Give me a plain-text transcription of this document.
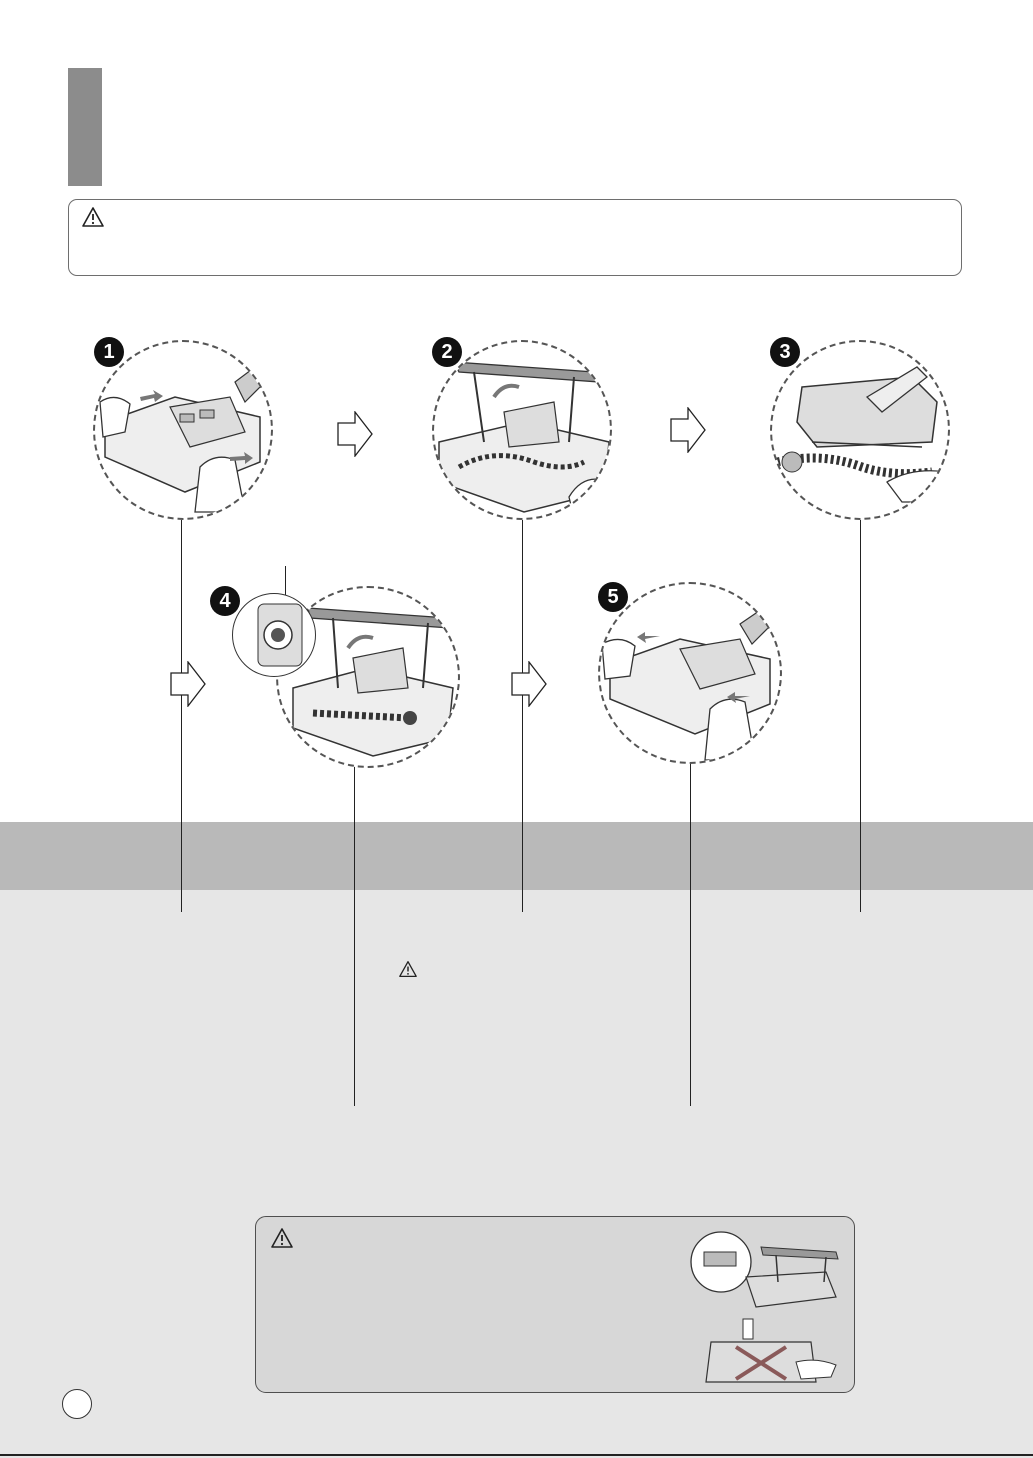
1	2	3
4	5
